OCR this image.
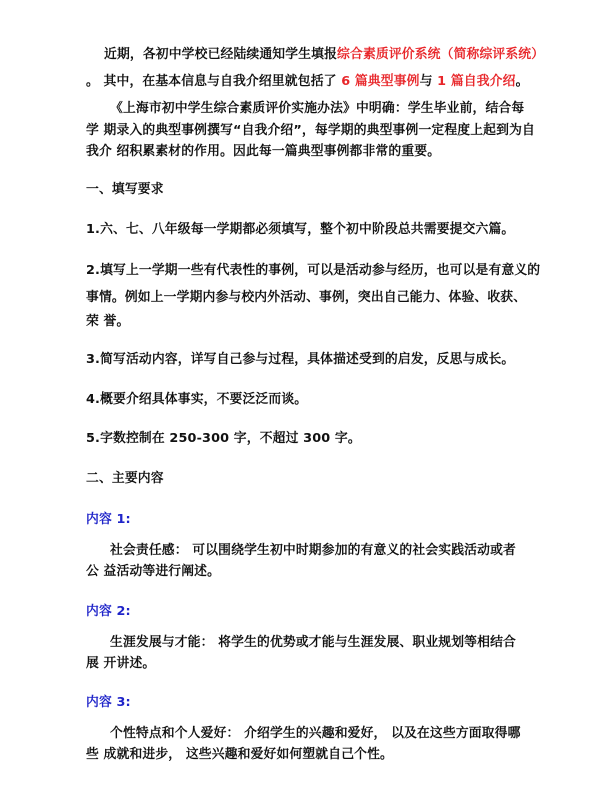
近期，各初中学校已经陆续通知学生填报综合素质评价系统（简称综评系统）
。 其中，在基本信息与自我介绍里就包括了 6 篇典型事例与 1 篇自我介绍。
《上海市初中学生综合素质评价实施办法》中明确：学生毕业前，结合每
学 期录入的典型事例撰写“自我介绍”，每学期的典型事例一定程度上起到为自
我介 绍积累素材的作用。因此每一篇典型事例都非常的重要。
一、填写要求
1.六、七、八年级每一学期都必须填写，整个初中阶段总共需要提交六篇。
2.填写上一学期一些有代表性的事例，可以是活动参与经历，也可以是有意义的
事情。例如上一学期内参与校内外活动、事例，突出自己能力、体验、收获、
荣 誉。
3.简写活动内容，详写自己参与过程，具体描述受到的启发，反思与成长。
4.概要介绍具体事实，不要泛泛而谈。
5.字数控制在 250-300 字，不超过 300 字。
二、主要内容
内容 1:
社会责任感： 可以围绕学生初中时期参加的有意义的社会实践活动或者
公 益活动等进行阐述。
内容 2:
生涯发展与才能： 将学生的优势或才能与生涯发展、职业规划等相结合
展 开讲述。
内容 3:
个性特点和个人爱好： 介绍学生的兴趣和爱好， 以及在这些方面取得哪
些 成就和进步， 这些兴趣和爱好如何塑就自己个性。
